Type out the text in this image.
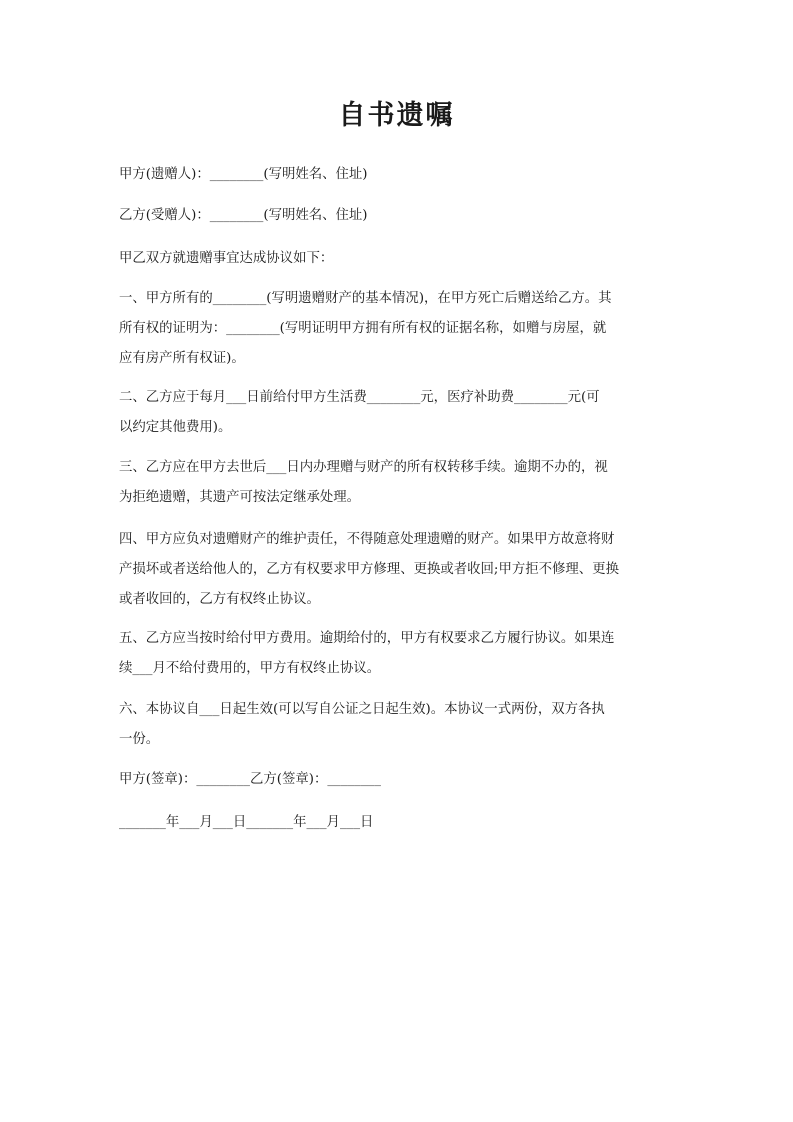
自书遗嘱
甲方(遗赠人)：________(写明姓名、住址)
乙方(受赠人)：________(写明姓名、住址)
甲乙双方就遗赠事宜达成协议如下：
一、甲方所有的________(写明遗赠财产的基本情况)，在甲方死亡后赠送给乙方。其
所有权的证明为：________(写明证明甲方拥有所有权的证据名称，如赠与房屋，就
应有房产所有权证)。
二、乙方应于每月___日前给付甲方生活费________元，医疗补助费________元(可
以约定其他费用)。
三、乙方应在甲方去世后___日内办理赠与财产的所有权转移手续。逾期不办的，视
为拒绝遗赠，其遗产可按法定继承处理。
四、甲方应负对遗赠财产的维护责任，不得随意处理遗赠的财产。如果甲方故意将财
产损坏或者送给他人的，乙方有权要求甲方修理、更换或者收回;甲方拒不修理、更换
或者收回的，乙方有权终止协议。
五、乙方应当按时给付甲方费用。逾期给付的，甲方有权要求乙方履行协议。如果连
续___月不给付费用的，甲方有权终止协议。
六、本协议自___日起生效(可以写自公证之日起生效)。本协议一式两份，双方各执
一份。
甲方(签章)：________乙方(签章)：________
_______年___月___日_______年___月___日
